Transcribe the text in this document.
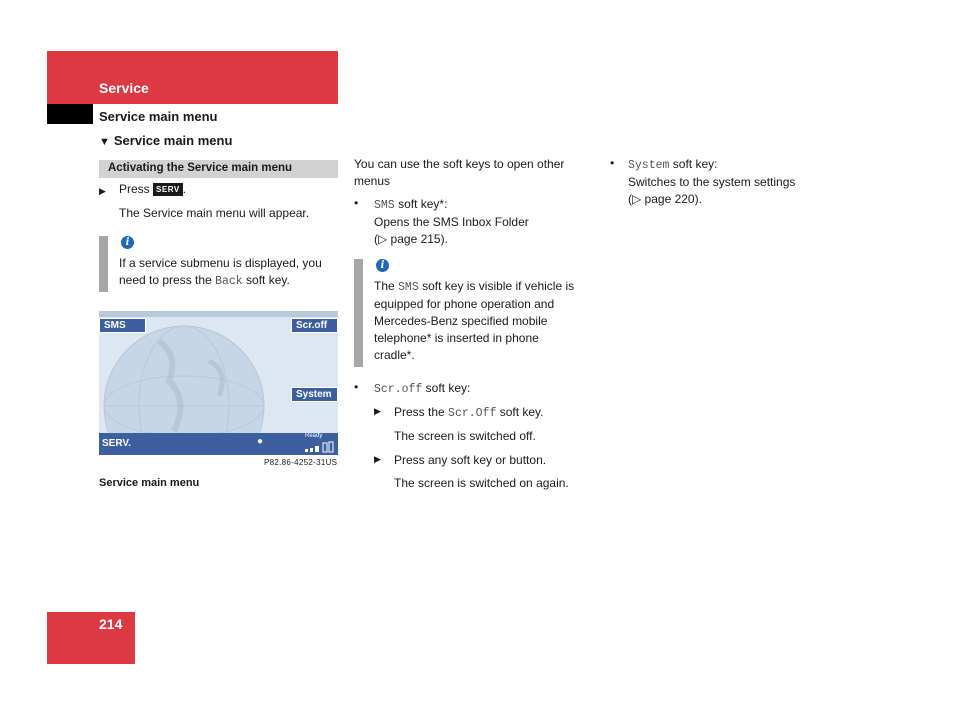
Service
Service main menu
▼ Service main menu
Activating the Service main menu
▶ Press SERV .
The Service main menu will appear.
i
If a service submenu is displayed, you
need to press the Back soft key.
SMS	Scr.off
System
SERV.	●	Ready
P82.86-4252-31US
Service main menu
You can use the soft keys to open other
menus
• SMS soft key*:
Opens the SMS Inbox Folder
(▷ page 215).
i
The SMS soft key is visible if vehicle is
equipped for phone operation and
Mercedes-Benz specified mobile
telephone* is inserted in phone
cradle*.
• Scr.off soft key:
▶ Press the Scr.Off soft key.
The screen is switched off.
▶ Press any soft key or button.
The screen is switched on again.
• System soft key:
Switches to the system settings
(▷ page 220).
214
